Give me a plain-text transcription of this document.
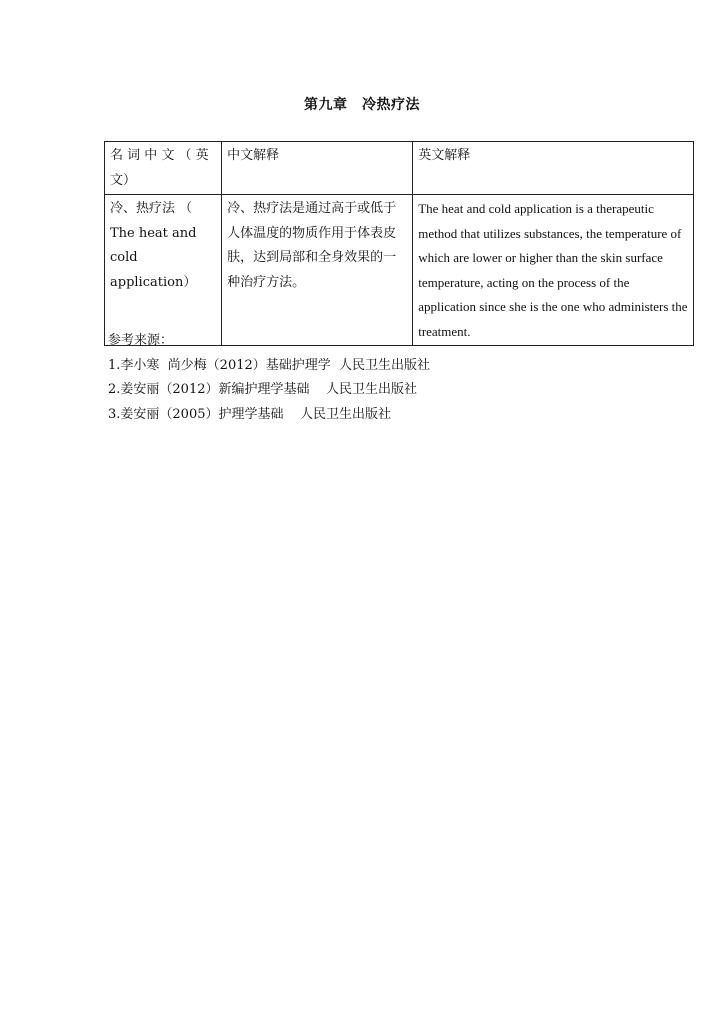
第九章　冷热疗法
名 词 中 文 （ 英 文）	中文解释	英文解释
冷、热疗法 （ The heat and cold application）	冷、热疗法是通过高于或低于人体温度的物质作用于体表皮肤，达到局部和全身效果的一种治疗方法。	The heat and cold application is a therapeutic method that utilizes substances, the temperature of which are lower or higher than the skin surface temperature, acting on the process of the application since she is the one who administers the treatment.
参考来源：
1.李小寒  尚少梅（2012）基础护理学  人民卫生出版社
2.姜安丽（2012）新编护理学基础    人民卫生出版社
3.姜安丽（2005）护理学基础    人民卫生出版社
